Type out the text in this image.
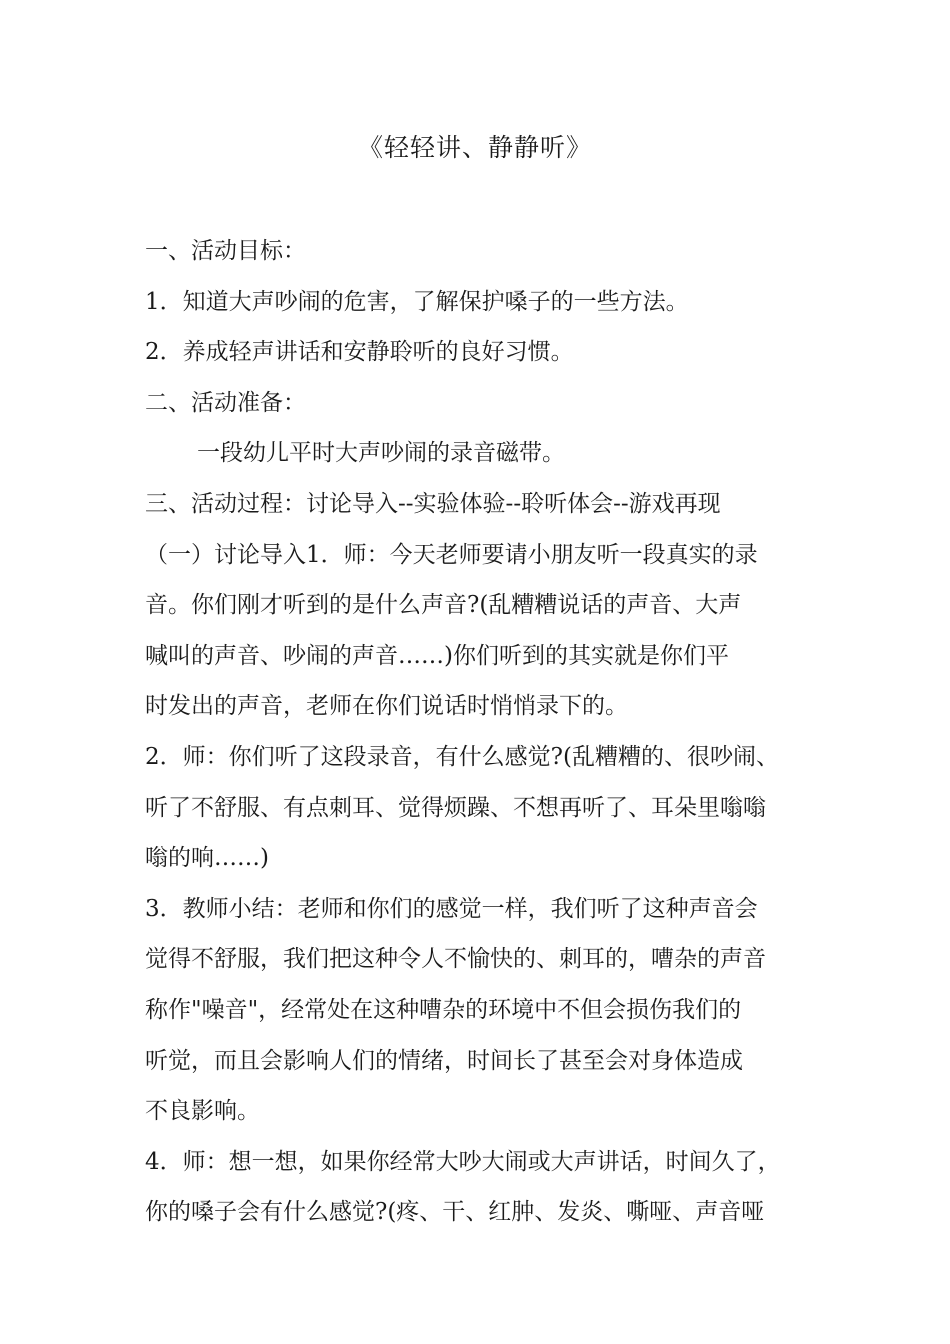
《轻轻讲、静静听》

一、活动目标：

1．知道大声吵闹的危害，了解保护嗓子的一些方法。

2．养成轻声讲话和安静聆听的良好习惯。

二、活动准备：

一段幼儿平时大声吵闹的录音磁带。

三、活动过程：讨论导入--实验体验--聆听体会--游戏再现

（一）讨论导入1．师：今天老师要请小朋友听一段真实的录

音。你们刚才听到的是什么声音?(乱糟糟说话的声音、大声

喊叫的声音、吵闹的声音……)你们听到的其实就是你们平

时发出的声音，老师在你们说话时悄悄录下的。

2．师：你们听了这段录音，有什么感觉?(乱糟糟的、很吵闹、

听了不舒服、有点刺耳、觉得烦躁、不想再听了、耳朵里嗡嗡

嗡的响……)

3．教师小结：老师和你们的感觉一样，我们听了这种声音会

觉得不舒服，我们把这种令人不愉快的、刺耳的，嘈杂的声音

称作"噪音"，经常处在这种嘈杂的环境中不但会损伤我们的

听觉，而且会影响人们的情绪，时间长了甚至会对身体造成

不良影响。

4．师：想一想，如果你经常大吵大闹或大声讲话，时间久了，

你的嗓子会有什么感觉?(疼、干、红肿、发炎、嘶哑、声音哑
